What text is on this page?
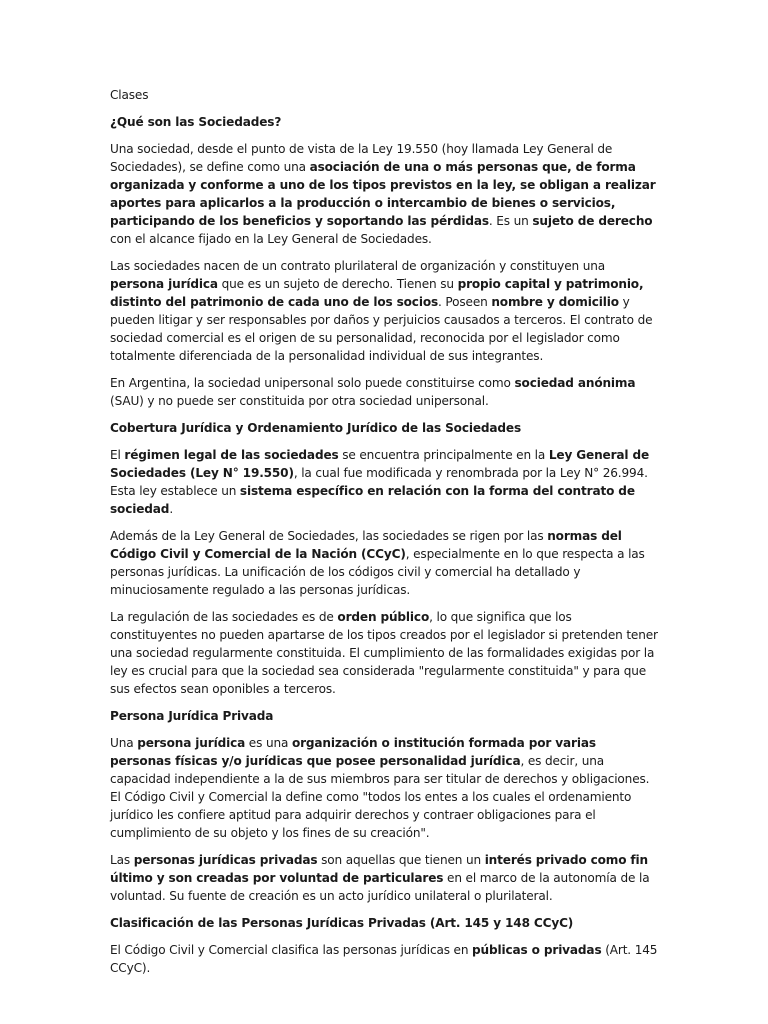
Clases

¿Qué son las Sociedades?

Una sociedad, desde el punto de vista de la Ley 19.550 (hoy llamada Ley General de Sociedades), se define como una asociación de una o más personas que, de forma organizada y conforme a uno de los tipos previstos en la ley, se obligan a realizar aportes para aplicarlos a la producción o intercambio de bienes o servicios, participando de los beneficios y soportando las pérdidas. Es un sujeto de derecho con el alcance fijado en la Ley General de Sociedades.

Las sociedades nacen de un contrato plurilateral de organización y constituyen una persona jurídica que es un sujeto de derecho. Tienen su propio capital y patrimonio, distinto del patrimonio de cada uno de los socios. Poseen nombre y domicilio y pueden litigar y ser responsables por daños y perjuicios causados a terceros. El contrato de sociedad comercial es el origen de su personalidad, reconocida por el legislador como totalmente diferenciada de la personalidad individual de sus integrantes.

En Argentina, la sociedad unipersonal solo puede constituirse como sociedad anónima (SAU) y no puede ser constituida por otra sociedad unipersonal.

Cobertura Jurídica y Ordenamiento Jurídico de las Sociedades

El régimen legal de las sociedades se encuentra principalmente en la Ley General de Sociedades (Ley N° 19.550), la cual fue modificada y renombrada por la Ley N° 26.994. Esta ley establece un sistema específico en relación con la forma del contrato de sociedad.

Además de la Ley General de Sociedades, las sociedades se rigen por las normas del Código Civil y Comercial de la Nación (CCyC), especialmente en lo que respecta a las personas jurídicas. La unificación de los códigos civil y comercial ha detallado y minuciosamente regulado a las personas jurídicas.

La regulación de las sociedades es de orden público, lo que significa que los constituyentes no pueden apartarse de los tipos creados por el legislador si pretenden tener una sociedad regularmente constituida. El cumplimiento de las formalidades exigidas por la ley es crucial para que la sociedad sea considerada "regularmente constituida" y para que sus efectos sean oponibles a terceros.

Persona Jurídica Privada

Una persona jurídica es una organización o institución formada por varias personas físicas y/o jurídicas que posee personalidad jurídica, es decir, una capacidad independiente a la de sus miembros para ser titular de derechos y obligaciones. El Código Civil y Comercial la define como "todos los entes a los cuales el ordenamiento jurídico les confiere aptitud para adquirir derechos y contraer obligaciones para el cumplimiento de su objeto y los fines de su creación".

Las personas jurídicas privadas son aquellas que tienen un interés privado como fin último y son creadas por voluntad de particulares en el marco de la autonomía de la voluntad. Su fuente de creación es un acto jurídico unilateral o plurilateral.

Clasificación de las Personas Jurídicas Privadas (Art. 145 y 148 CCyC)

El Código Civil y Comercial clasifica las personas jurídicas en públicas o privadas (Art. 145 CCyC).
